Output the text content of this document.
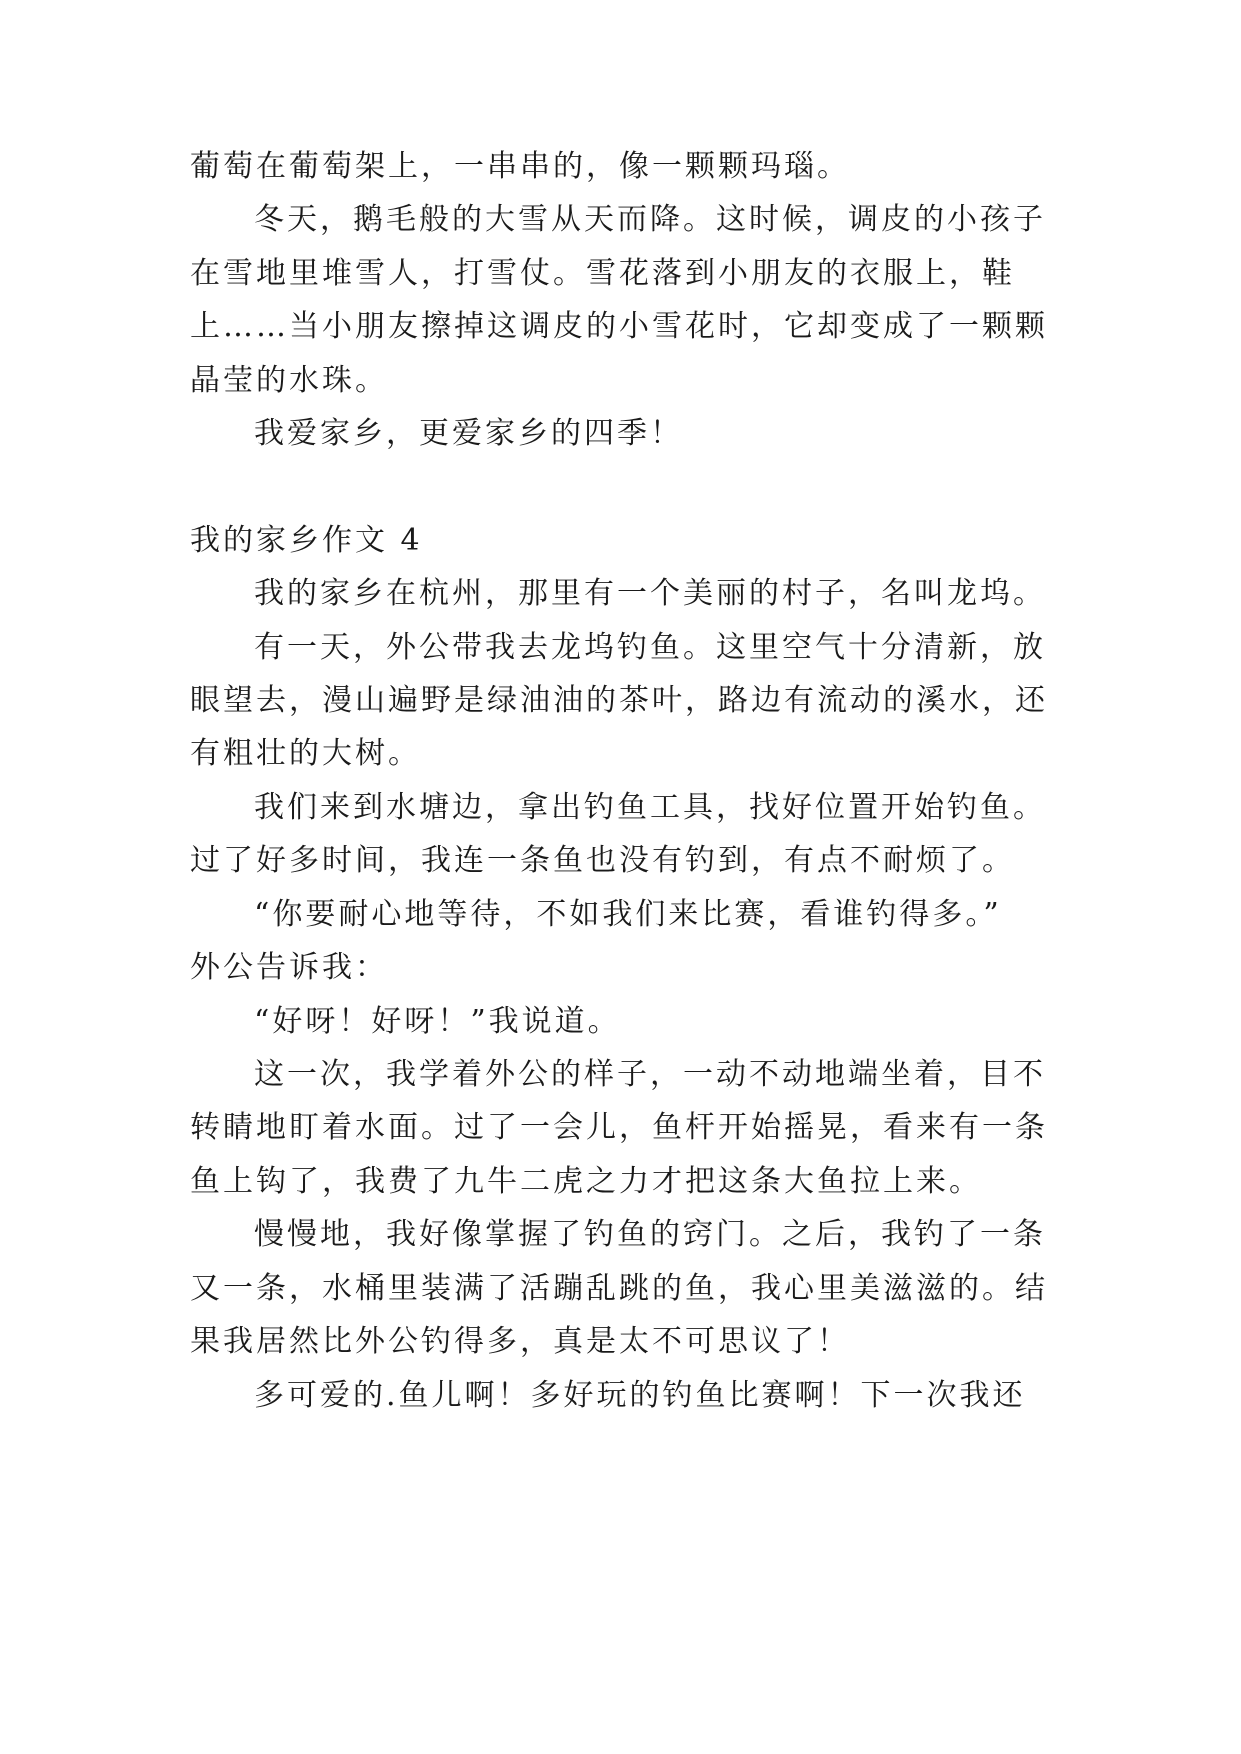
葡萄在葡萄架上，一串串的，像一颗颗玛瑙。
冬天，鹅毛般的大雪从天而降。这时候，调皮的小孩子
在雪地里堆雪人，打雪仗。雪花落到小朋友的衣服上，鞋
上……当小朋友擦掉这调皮的小雪花时，它却变成了一颗颗
晶莹的水珠。
我爱家乡，更爱家乡的四季！
我的家乡作文 4
我的家乡在杭州，那里有一个美丽的村子，名叫龙坞。
有一天，外公带我去龙坞钓鱼。这里空气十分清新，放
眼望去，漫山遍野是绿油油的茶叶，路边有流动的溪水，还
有粗壮的大树。
我们来到水塘边，拿出钓鱼工具，找好位置开始钓鱼。
过了好多时间，我连一条鱼也没有钓到，有点不耐烦了。
“你要耐心地等待，不如我们来比赛，看谁钓得多。”
外公告诉我：
“好呀！好呀！”我说道。
这一次，我学着外公的样子，一动不动地端坐着，目不
转睛地盯着水面。过了一会儿，鱼杆开始摇晃，看来有一条
鱼上钩了，我费了九牛二虎之力才把这条大鱼拉上来。
慢慢地，我好像掌握了钓鱼的窍门。之后，我钓了一条
又一条，水桶里装满了活蹦乱跳的鱼，我心里美滋滋的。结
果我居然比外公钓得多，真是太不可思议了！
多可爱的.鱼儿啊！多好玩的钓鱼比赛啊！下一次我还
